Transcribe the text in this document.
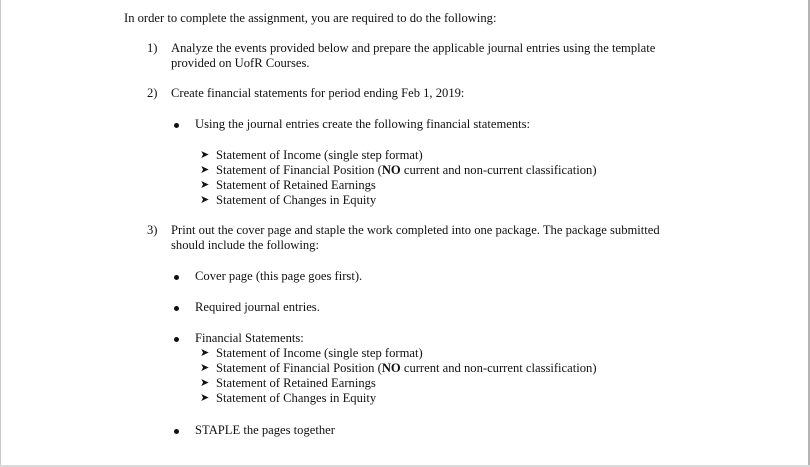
In order to complete the assignment, you are required to do the following:
1) Analyze the events provided below and prepare the applicable journal entries using the template
provided on UofR Courses.
2) Create financial statements for period ending Feb 1, 2019:
Using the journal entries create the following financial statements:
➤ Statement of Income (single step format)
➤ Statement of Financial Position (NO current and non-current classification)
➤ Statement of Retained Earnings
➤ Statement of Changes in Equity
3) Print out the cover page and staple the work completed into one package. The package submitted
should include the following:
Cover page (this page goes first).
Required journal entries.
Financial Statements:
➤ Statement of Income (single step format)
➤ Statement of Financial Position (NO current and non-current classification)
➤ Statement of Retained Earnings
➤ Statement of Changes in Equity
STAPLE the pages together
